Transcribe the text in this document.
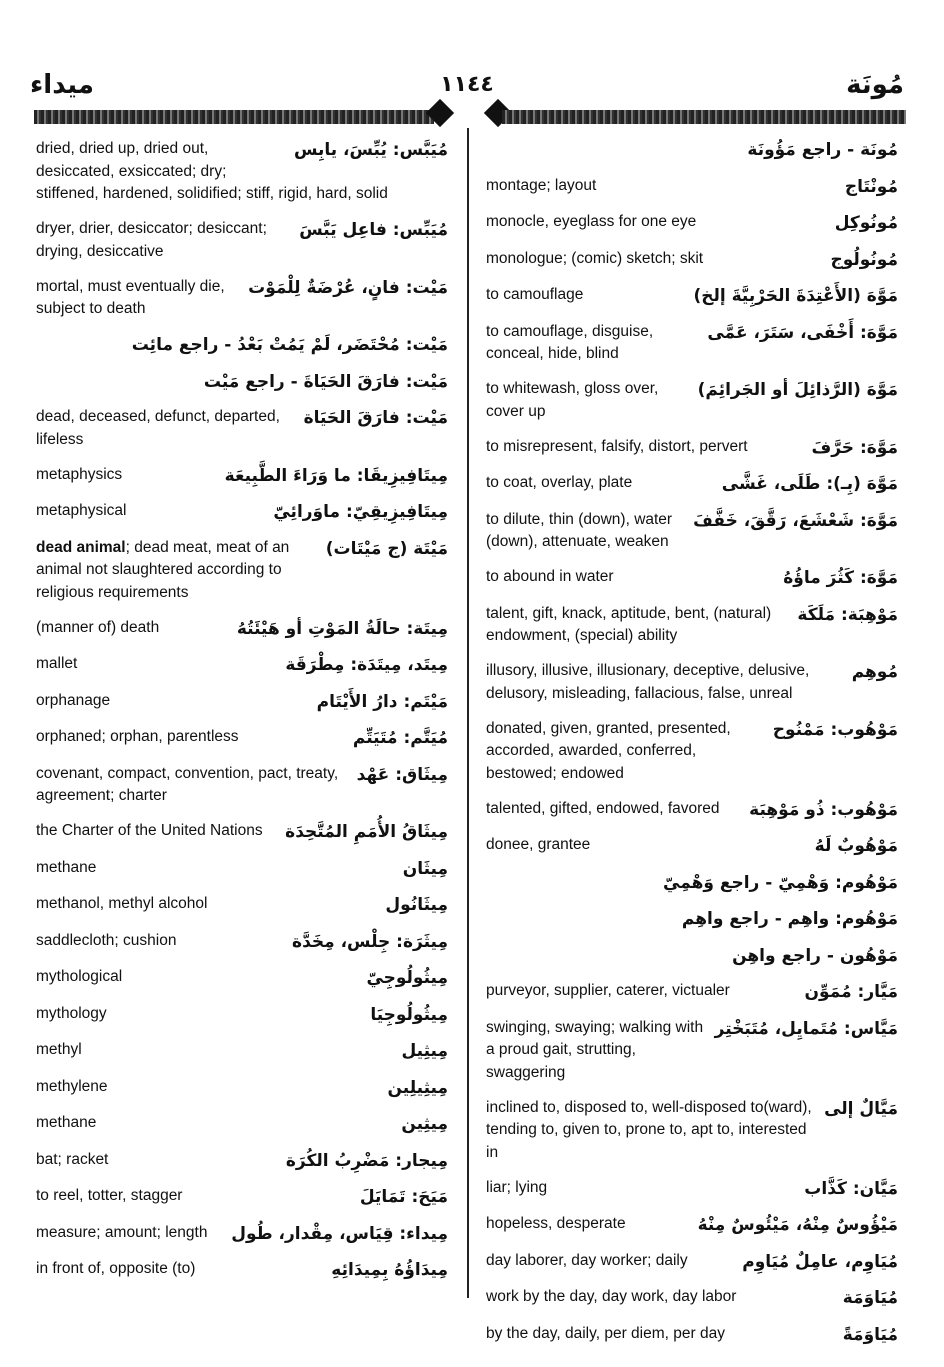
ميداء	١١٤٤	مُونَة
مُيَبَّس: يُبِّسَ، يابِس
dried, dried up, dried out, desiccated, exsiccated; dry; stiffened, hardened, solidified; stiff, rigid, hard, solid
مُيَبِّس: فاعِل يَبَّسَ
dryer, drier, desiccator; desiccant; drying, desiccative
مَيْت: فانٍ، عُرْضَةٌ لِلْمَوْت
mortal, must eventually die, subject to death
مَيْت: مُحْتَضَر، لَمْ يَمُتْ بَعْدُ - راجع مائِت
مَيْت: فارَقَ الحَيَاةَ - راجع مَيْت
مَيْت: فارَقَ الحَيَاة
dead, deceased, defunct, departed, lifeless
مِيتَافِيزِيقَا: ما وَرَاءَ الطَّبِيعَة
metaphysics
مِيتَافِيزِيقِيّ: ماوَرائِيّ
metaphysical
مَيْتَة (ج مَيْتَات)
dead animal; dead meat, meat of an animal not slaughtered according to religious requirements
مِيتَة: حالَةُ المَوْتِ أو هَيْئَتُهُ
(manner of) death
مِيتَد، مِيتَدَة: مِطْرَقَة
mallet
مَيْتَم: دارُ الأَيْتَام
orphanage
مُيَتَّم: مُتَيَتِّم
orphaned; orphan, parentless
مِيثَاق: عَهْد
covenant, compact, convention, pact, treaty, agreement; charter
مِيثَاقُ الأُمَمِ المُتَّحِدَة
the Charter of the United Nations
مِيثَان
methane
مِيثَانُول
methanol, methyl alcohol
مِيثَرَة: جِلْس، مِخَدَّة
saddlecloth; cushion
مِيثُولُوجِيّ
mythological
مِيثُولُوجِيَا
mythology
مِيثِيل
methyl
مِيثِيلِين
methylene
مِيثِين
methane
مِيجار: مَضْرِبُ الكُرَة
bat; racket
مَيَحَ: تَمَايَلَ
to reel, totter, stagger
مِيداء: قِيَاس، مِقْدار، طُول
measure; amount; length
مِيدَاؤُهُ بِمِيدَائِهِ
in front of, opposite (to)
مُونَة - راجع مَؤُونَة
مُونْتَاج
montage; layout
مُونُوكِل
monocle, eyeglass for one eye
مُونُولُوج
monologue; (comic) sketch; skit
مَوَّهَ (الأَعْتِدَةَ الحَرْبِيَّةَ إلخ)
to camouflage
مَوَّهَ: أَخْفَى، سَتَرَ، عَمَّى
to camouflage, disguise, conceal, hide, blind
مَوَّهَ (الرَّذائِلَ أو الجَرائِمَ)
to whitewash, gloss over, cover up
مَوَّهَ: حَرَّفَ
to misrepresent, falsify, distort, pervert
مَوَّهَ (بِـ): طَلَى، غَشَّى
to coat, overlay, plate
مَوَّهَ: شَعْشَعَ، رَقَّقَ، خَفَّفَ
to dilute, thin (down), water (down), attenuate, weaken
مَوَّهَ: كَثُرَ ماؤُهُ
to abound in water
مَوْهِبَة: مَلَكَة
talent, gift, knack, aptitude, bent, (natural) endowment, (special) ability
مُوهِم
illusory, illusive, illusionary, deceptive, delusive, delusory, misleading, fallacious, false, unreal
مَوْهُوب: مَمْنُوح
donated, given, granted, presented, accorded, awarded, conferred, bestowed; endowed
مَوْهُوب: ذُو مَوْهِبَة
talented, gifted, endowed, favored
مَوْهُوبٌ لَهُ
donee, grantee
مَوْهُوم: وَهْمِيّ - راجع وَهْمِيّ
مَوْهُوم: واهِم - راجع واهِم
مَوْهُون - راجع واهِن
مَيَّار: مُمَوِّن
purveyor, supplier, caterer, victualer
مَيَّاس: مُتَمايِل، مُتَبَخْتِر
swinging, swaying; walking with a proud gait, strutting, swaggering
مَيَّالٌ إلى
inclined to, disposed to, well-disposed to(ward), tending to, given to, prone to, apt to, interested in
مَيَّان: كَذَّاب
liar; lying
مَيْؤُوسٌ مِنْهُ، مَيْئُوسٌ مِنْهُ
hopeless, desperate
مُيَاوِم، عامِلٌ مُيَاوِم
day laborer, day worker; daily
مُيَاوَمَة
work by the day, day work, day labor
مُيَاوَمَةً
by the day, daily, per diem, per day
